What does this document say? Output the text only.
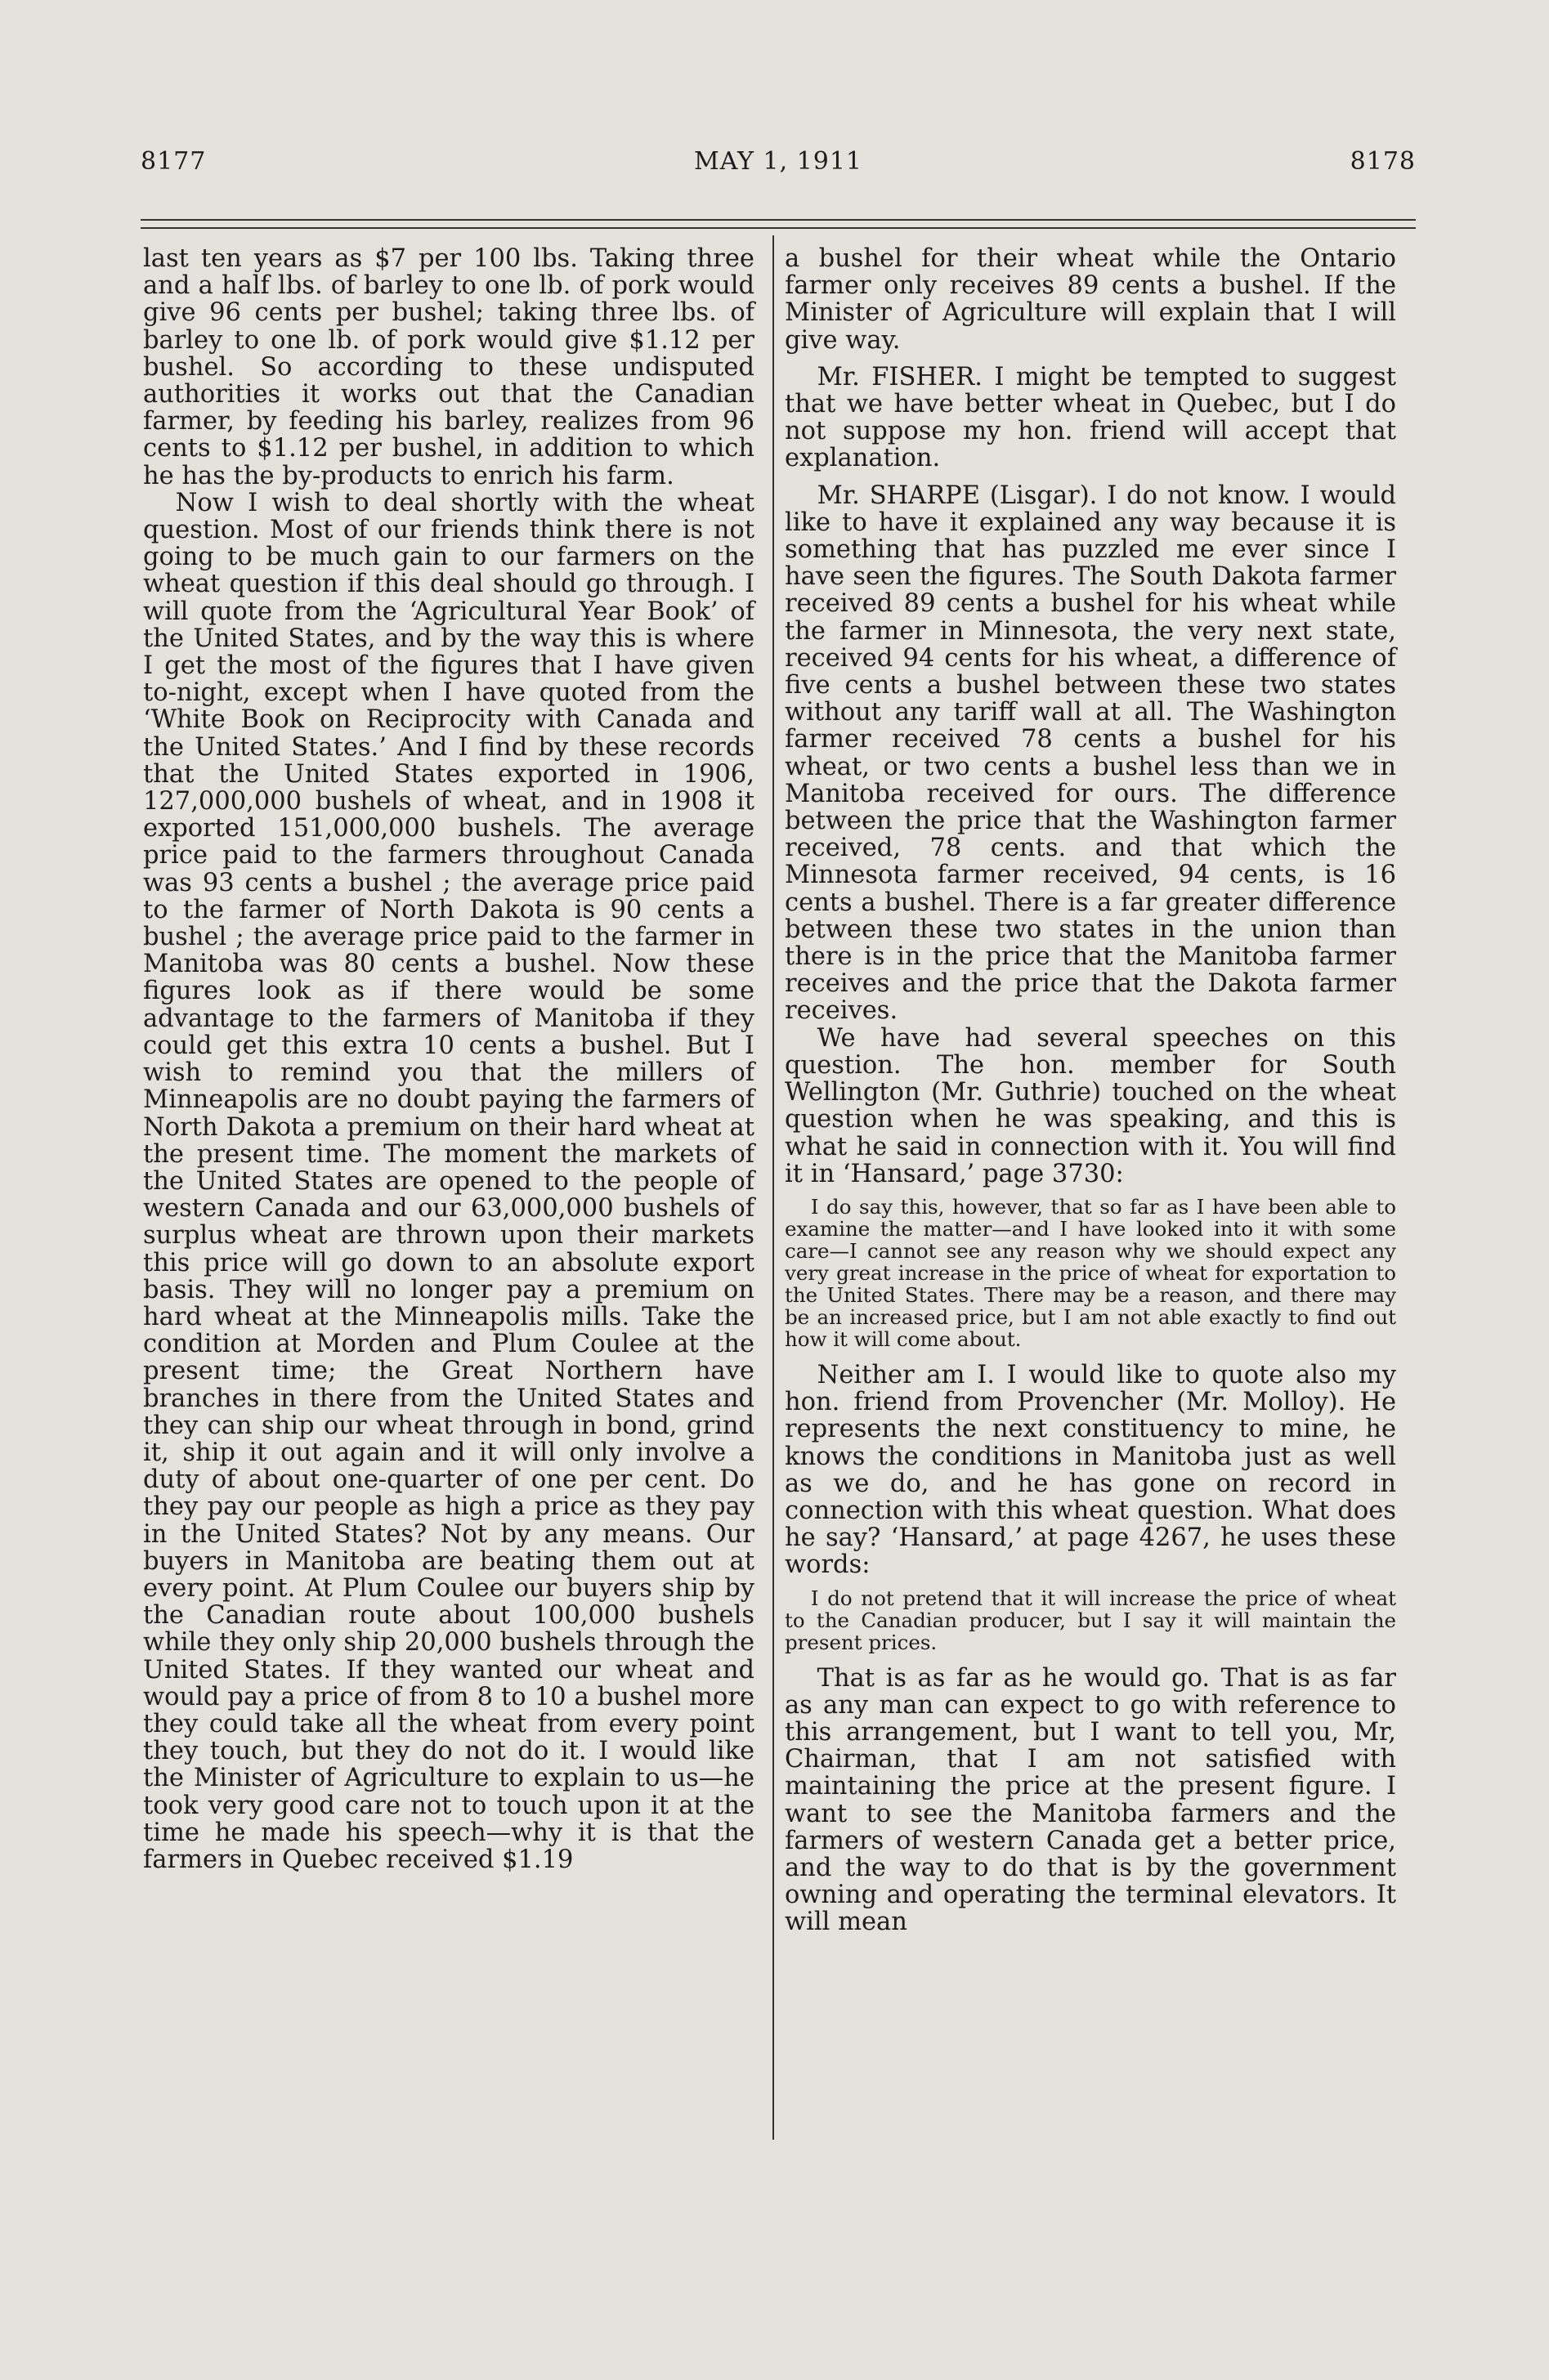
8177	MAY 1, 1911	8178

last ten years as $7 per 100 lbs. Taking three and a half lbs. of barley to one lb. of pork would give 96 cents per bushel; taking three lbs. of barley to one lb. of pork would give $1.12 per bushel. So according to these undisputed authorities it works out that the Canadian farmer, by feeding his barley, realizes from 96 cents to $1.12 per bushel, in addition to which he has the by-products to enrich his farm.

Now I wish to deal shortly with the wheat question. Most of our friends think there is not going to be much gain to our farmers on the wheat question if this deal should go through. I will quote from the ‘Agricultural Year Book’ of the United States, and by the way this is where I get the most of the figures that I have given to-night, except when I have quoted from the ‘White Book on Reciprocity with Canada and the United States.’ And I find by these records that the United States exported in 1906, 127,000,000 bushels of wheat, and in 1908 it exported 151,000,000 bushels. The average price paid to the farmers throughout Canada was 93 cents a bushel ; the average price paid to the farmer of North Dakota is 90 cents a bushel ; the average price paid to the farmer in Manitoba was 80 cents a bushel. Now these figures look as if there would be some advantage to the farmers of Manitoba if they could get this extra 10 cents a bushel. But I wish to remind you that the millers of Minneapolis are no doubt paying the farmers of North Dakota a premium on their hard wheat at the present time. The moment the markets of the United States are opened to the people of western Canada and our 63,000,000 bushels of surplus wheat are thrown upon their markets this price will go down to an absolute export basis. They will no longer pay a premium on hard wheat at the Minneapolis mills. Take the condition at Morden and Plum Coulee at the present time; the Great Northern have branches in there from the United States and they can ship our wheat through in bond, grind it, ship it out again and it will only involve a duty of about one-quarter of one per cent. Do they pay our people as high a price as they pay in the United States? Not by any means. Our buyers in Manitoba are beating them out at every point. At Plum Coulee our buyers ship by the Canadian route about 100,000 bushels while they only ship 20,000 bushels through the United States. If they wanted our wheat and would pay a price of from 8 to 10 a bushel more they could take all the wheat from every point they touch, but they do not do it. I would like the Minister of Agriculture to explain to us—he took very good care not to touch upon it at the time he made his speech—why it is that the farmers in Quebec received $1.19

a bushel for their wheat while the Ontario farmer only receives 89 cents a bushel. If the Minister of Agriculture will explain that I will give way.

Mr. FISHER. I might be tempted to suggest that we have better wheat in Quebec, but I do not suppose my hon. friend will accept that explanation.

Mr. SHARPE (Lisgar). I do not know. I would like to have it explained any way because it is something that has puzzled me ever since I have seen the figures. The South Dakota farmer received 89 cents a bushel for his wheat while the farmer in Minnesota, the very next state, received 94 cents for his wheat, a difference of five cents a bushel between these two states without any tariff wall at all. The Washington farmer received 78 cents a bushel for his wheat, or two cents a bushel less than we in Manitoba received for ours. The difference between the price that the Washington farmer received, 78 cents. and that which the Minnesota farmer received, 94 cents, is 16 cents a bushel. There is a far greater difference between these two states in the union than there is in the price that the Manitoba farmer receives and the price that the Dakota farmer receives.

We have had several speeches on this question. The hon. member for South Wellington (Mr. Guthrie) touched on the wheat question when he was speaking, and this is what he said in connection with it. You will find it in ‘Hansard,’ page 3730:

I do say this, however, that so far as I have been able to examine the matter—and I have looked into it with some care—I cannot see any reason why we should expect any very great increase in the price of wheat for exportation to the United States. There may be a reason, and there may be an increased price, but I am not able exactly to find out how it will come about.

Neither am I. I would like to quote also my hon. friend from Provencher (Mr. Molloy). He represents the next constituency to mine, he knows the conditions in Manitoba just as well as we do, and he has gone on record in connection with this wheat question. What does he say? ‘Hansard,’ at page 4267, he uses these words:

I do not pretend that it will increase the price of wheat to the Canadian producer, but I say it will maintain the present prices.

That is as far as he would go. That is as far as any man can expect to go with reference to this arrangement, but I want to tell you, Mr, Chairman, that I am not satisfied with maintaining the price at the present figure. I want to see the Manitoba farmers and the farmers of western Canada get a better price, and the way to do that is by the government owning and operating the terminal elevators. It will mean
